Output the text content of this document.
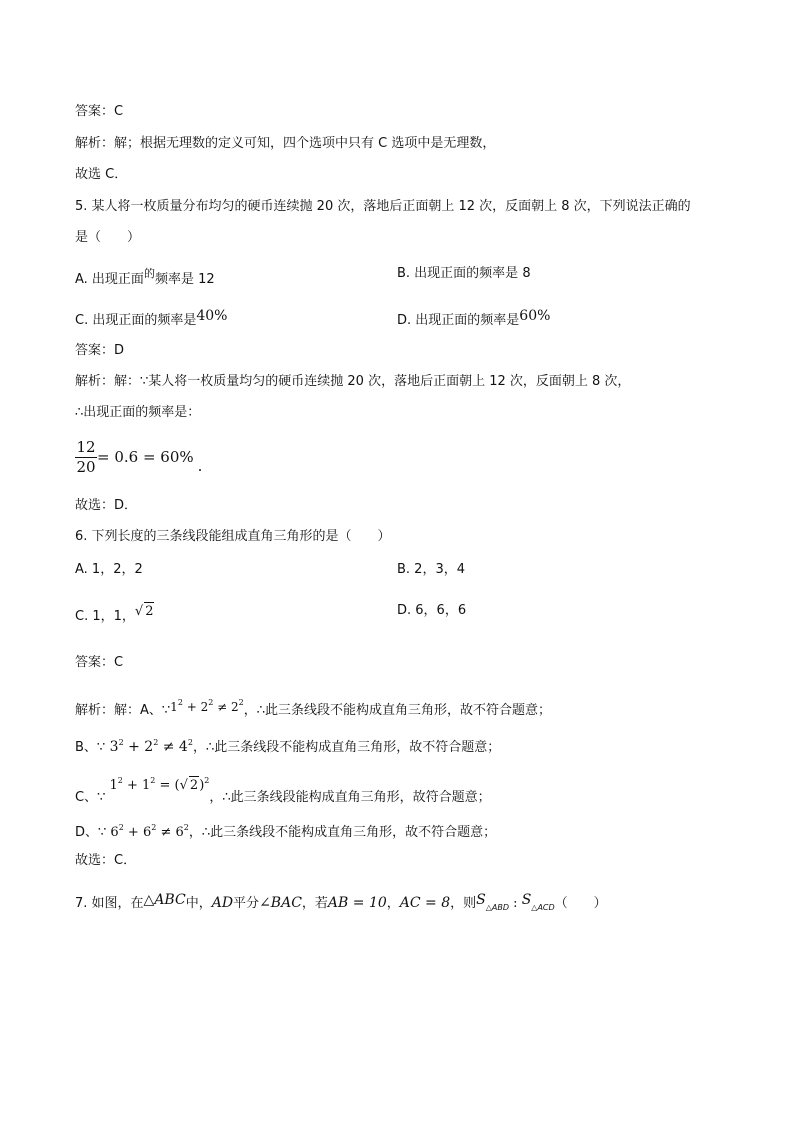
答案：C
解析：解；根据无理数的定义可知，四个选项中只有 C 选项中是无理数，
故选 C．
5. 某人将一枚质量分布均匀的硬币连续抛 20 次，落地后正面朝上 12 次，反面朝上 8 次，下列说法正确的
是（　　）
A. 出现正面$^的$频率是 12	B. 出现正面的频率是 8
C. 出现正面的频率是40%	D. 出现正面的频率是60%
答案：D
解析：解：∵某人将一枚质量均匀的硬币连续抛 20 次，落地后正面朝上 12 次，反面朝上 8 次，
∴出现正面的频率是：
12
20
= 0.6 = 60% .
故选：D．
6. 下列长度的三条线段能组成直角三角形的是（　　）
A. 1，2，2	B. 2，3，4
C. 1，1，√ 2	D. 6，6，6
答案：C
解析：解：A、$\because 1^2 + 2^2 \ne 2^2$，∴此三条线段不能构成直角三角形，故不符合题意；
B、∵ $3^2 + 2^2 \ne 4^2$，∴此三条线段不能构成直角三角形，故不符合题意；
C、∵ $1^2 + 1^2$ = (√ 2)$^2$，∴此三条线段能构成直角三角形，故符合题意；
D、∵ $6^2 + 6^2 \ne 6^2$，∴此三条线段不能构成直角三角形，故不符合题意；
故选：C．
7. 如图，在△ABC中，AD平分∠BAC，若AB = 10，AC = 8，则$S_{\triangle ABD}$ : $S_{\triangle ACD}$（　　）
